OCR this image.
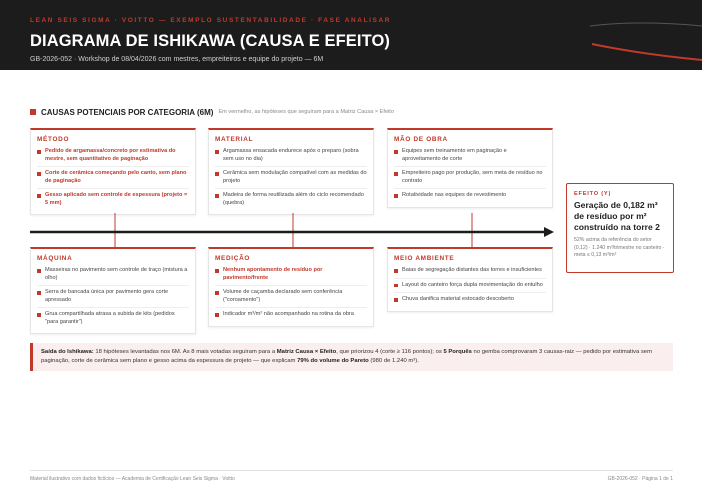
LEAN SEIS SIGMA · VOITTO — EXEMPLO SUSTENTABILIDADE · FASE ANALISAR
DIAGRAMA DE ISHIKAWA (CAUSA E EFEITO)
GB-2026-052 · Workshop de 08/04/2026 com mestres, empreiteiros e equipe do projeto — 6M
CAUSAS POTENCIAIS POR CATEGORIA (6M) Em vermelho, as hipóteses que seguiram para a Matriz Causa × Efeito
MÉTODO
Pedido de argamassa/concreto por estimativa do mestre, sem quantitativo de paginação
Corte de cerâmica começando pelo canto, sem plano de paginação
Gesso aplicado sem controle de espessura (projeto = 5 mm)
MATERIAL
Argamassa ensacada endurece após o preparo (sobra sem uso no dia)
Cerâmica sem modulação compatível com as medidas do projeto
Madeira de forma reutilizada além do ciclo recomendado (quebra)
MÃO DE OBRA
Equipes sem treinamento em paginação e aproveitamento de corte
Empreiteiro pago por produção, sem meta de resíduo no contrato
Rotatividade nas equipes de revestimento
MÁQUINA
Masseiras no pavimento sem controle de traço (mistura a olho)
Serra de bancada única por pavimento gera corte apressado
Grua compartilhada atrasa a subida de kits (pedidos "para garantir")
MEDIÇÃO
Nenhum apontamento de resíduo por pavimento/frente
Volume de caçamba declarado sem conferência ("coroamento")
Indicador m³/m² não acompanhado na rotina da obra
MEIO AMBIENTE
Baias de segregação distantes das torres e insuficientes
Layout do canteiro força dupla movimentação do entulho
Chuva danifica material estocado descoberto
EFEITO (Y)
Geração de 0,182 m³ de resíduo por m² construído na torre 2
52% acima da referência do setor (0,12) · 1.240 m³/trimestre no canteiro · meta ≤ 0,13 m³/m²
Saída do Ishikawa: 18 hipóteses levantadas nos 6M. As 8 mais votadas seguiram para a Matriz Causa × Efeito, que priorizou 4 (corte ≥ 116 pontos); os 5 Porquês no gemba comprovaram 3 causas-raiz — pedido por estimativa sem paginação, corte de cerâmica sem plano e gesso acima da espessura de projeto — que explicam 79% do volume do Pareto (980 de 1.240 m³).
Material ilustrativo com dados fictícios — Academia de Certificação Lean Seis Sigma · Voitto	GB-2026-052 · Página 1 de 1
